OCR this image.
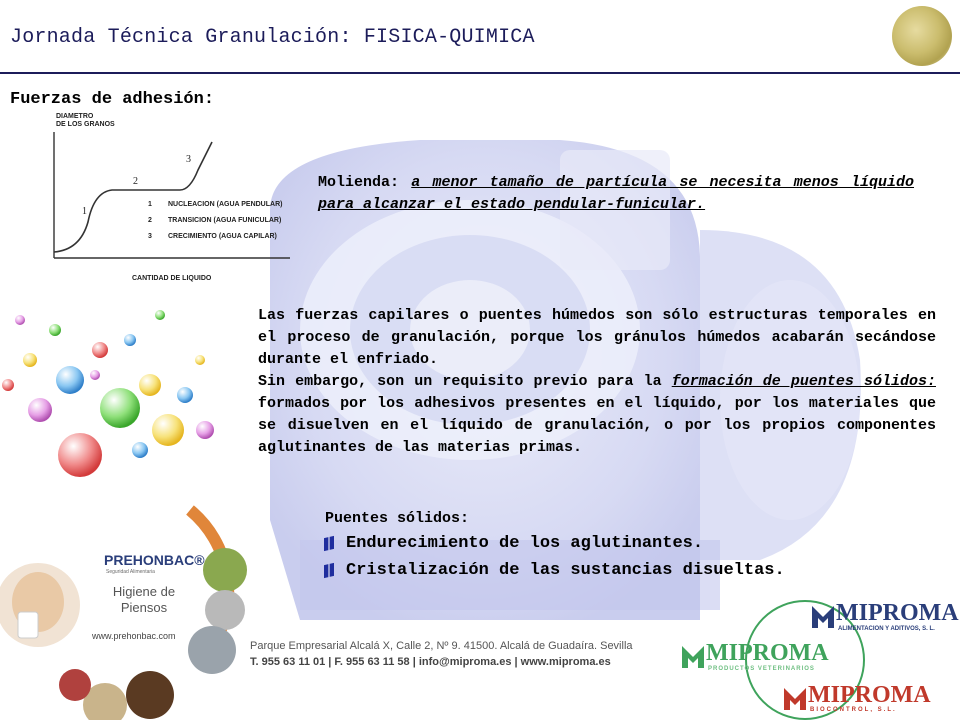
Jornada Técnica Granulación: FISICA-QUIMICA
Fuerzas de adhesión:
DIAMETRO
DE LOS GRANOS
1
2
3
1 NUCLEACION (AGUA PENDULAR)
2 TRANSICION (AGUA FUNICULAR)
3 CRECIMIENTO (AGUA CAPILAR)
CANTIDAD DE LIQUIDO
Molienda: a menor tamaño de partícula se necesita menos líquido para alcanzar el estado pendular-funicular.

Las fuerzas capilares o puentes húmedos son sólo estructuras temporales en el proceso de granulación, porque los gránulos húmedos acabarán secándose durante el enfriado.

Sin embargo, son un requisito previo para la formación de puentes sólidos: formados por los adhesivos presentes en el líquido, por los materiales que se disuelven en el líquido de granulación, o por los propios componentes aglutinantes de las materias primas.

Puentes sólidos:
Endurecimiento de los aglutinantes.
Cristalización de las sustancias disueltas.
PREHONBAC®
Seguridad Alimentaria
Higiene de
Piensos
www.prehonbac.com
Parque Empresarial Alcalá X, Calle 2, Nº 9. 41500. Alcalá de Guadaíra. Sevilla
T. 955 63 11 01 | F. 955 63 11 58 | info@miproma.es | www.miproma.es
MIPROMA
ALIMENTACION Y ADITIVOS, S. L.
MIPROMA
PRODUCTOS VETERINARIOS
MIPROMA
BIOCONTROL, S.L.
